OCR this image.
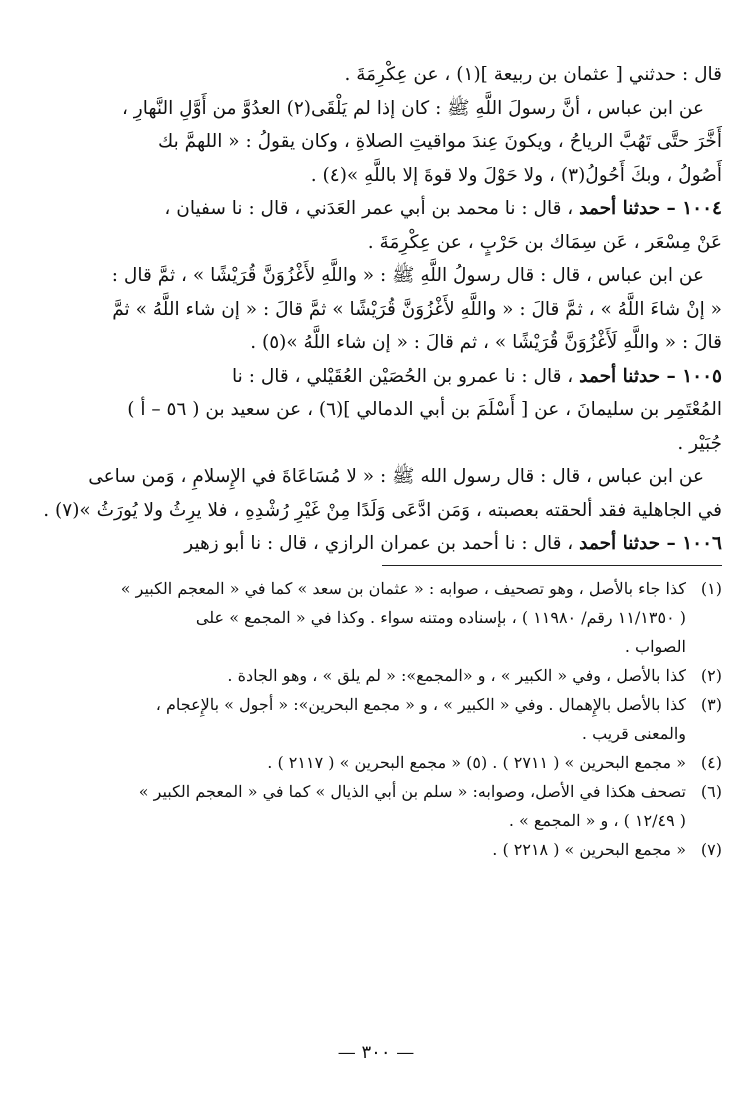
قال : حدثني [ عثمان بن ربيعة ](١) ، عن عِكْرِمَةَ .
عن ابن عباس ، أنَّ رسولَ اللَّهِ ﷺ : كان إذا لم يَلْقَى(٢) العدُوَّ من أَوَّلِ النَّهارِ ،
أَخَّرَ حتَّى تَهُبَّ الرياحُ ، ويكونَ عِندَ مواقيتِ الصلاةِ ، وكان يقولُ : « اللهمَّ بك
أَصُولُ ، وبكَ أَحُولُ(٣) ، ولا حَوْلَ ولا قوةَ إلا باللَّهِ »(٤) .
١٠٠٤ – حدثنا أحمد ، قال : نا محمد بن أبي عمر العَدَني ، قال : نا سفيان ،
عَنْ مِسْعَر ، عَن سِمَاك بن حَرْبٍ ، عن عِكْرِمَةَ .
عن ابن عباس ، قال : قال رسولُ اللَّهِ ﷺ : « واللَّهِ لأَغْزُوَنَّ قُرَيْشًا » ، ثمَّ قال :
« إنْ شاءَ اللَّهُ » ، ثمَّ قالَ : « واللَّهِ لأَغْزُوَنَّ قُرَيْشًا » ثمَّ قالَ : « إن شاء اللَّهُ » ثمَّ
قالَ : « واللَّهِ لَأَغْزُوَنَّ قُرَيْشًا » ، ثم قالَ : « إن شاء اللَّهُ »(٥) .
١٠٠٥ – حدثنا أحمد ، قال : نا عمرو بن الحُصَيْن العُقَيْلي ، قال : نا
المُعْتَمِر بن سليمانَ ، عن [ أَسْلَمَ بن أبي الدمالي ](٦) ، عن سعيد بن ( ٥٦ – أ )
جُبَيْر .
عن ابن عباس ، قال : قال رسول الله ﷺ : « لا مُسَاعَاةَ في الإِسلامِ ، وَمن ساعى
في الجاهلية فقد ألحقته بعصبته ، وَمَن ادَّعَى وَلَدًا مِنْ غَيْرِ رُشْدِهِ ، فلا يرِثُ ولا يُورَثُ »(٧) .
١٠٠٦ – حدثنا أحمد ، قال : نا أحمد بن عمران الرازي ، قال : نا أبو زهير
(١)
كذا جاء بالأصل ، وهو تصحيف ، صوابه : « عثمان بن سعد » كما في « المعجم الكبير »
( ١١/١٣٥٠ رقم/ ١١٩٨٠ ) ، بإسناده ومتنه سواء . وكذا في « المجمع » على
الصواب .
(٢)
كذا بالأصل ، وفي « الكبير » ، و «المجمع»: « لم يلق » ، وهو الجادة .
(٣)
كذا بالأصل بالإِهمال . وفي « الكبير » ، و « مجمع البحرين»: « أجول » بالإِعجام ،
والمعنى قريب .
(٤)
« مجمع البحرين » ( ٢٧١١ ) . (٥) « مجمع البحرين » ( ٢١١٧ ) .
(٦)
تصحف هكذا في الأصل، وصوابه: « سلم بن أبي الذيال » كما في « المعجم الكبير »
( ١٢/٤٩ ) ، و « المجمع » .
(٧)
« مجمع البحرين » ( ٢٢١٨ ) .
— ٣٠٠ —
